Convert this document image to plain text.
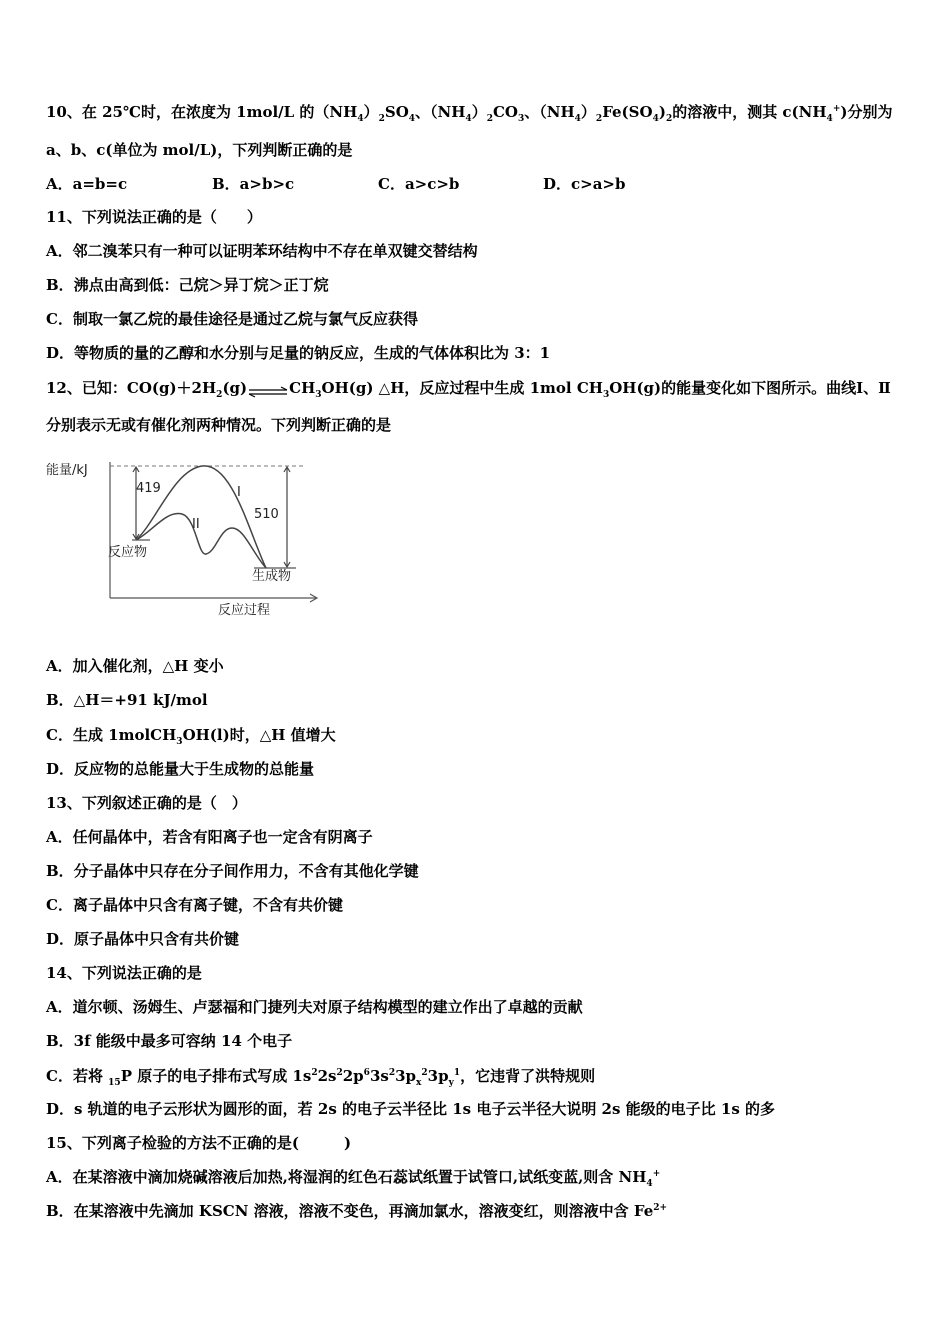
10、在 25℃时，在浓度为 1mol/L 的$(NH_4)_2SO_4$、$(NH_4)_2CO_3$、$(NH_4)_2Fe(SO_4)_2$的溶液中，测其 $c(NH_4^+)$分别为
a、b、c(单位为 mol/L)，下列判断正确的是
A．a=b=c	B．a>b>c	C．a>c>b	D．c>a>b
11、下列说法正确的是（　　）
A．邻二溴苯只有一种可以证明苯环结构中不存在单双键交替结构
B．沸点由高到低：己烷＞异丁烷＞正丁烷
C．制取一氯乙烷的最佳途径是通过乙烷与氯气反应获得
D．等物质的量的乙醇和水分别与足量的钠反应，生成的气体体积比为 3：1
12、已知：$CO(g)+2H_2(g)\rightleftharpoons CH_3OH(g)$ △H，反应过程中生成 1mol $CH_3OH(g)$的能量变化如下图所示。曲线Ⅰ、Ⅱ
分别表示无或有催化剂两种情况。下列判断正确的是
能量/kJ
419
510
I
II
反应物
生成物
反应过程
A．加入催化剂，△H 变小
B．△H＝+91 kJ/mol
C．生成 1molCH$_3$OH(l)时，△H 值增大
D．反应物的总能量大于生成物的总能量
13、下列叙述正确的是（　）
A．任何晶体中，若含有阳离子也一定含有阴离子
B．分子晶体中只存在分子间作用力，不含有其他化学键
C．离子晶体中只含有离子键，不含有共价键
D．原子晶体中只含有共价键
14、下列说法正确的是
A．道尔顿、汤姆生、卢瑟福和门捷列夫对原子结构模型的建立作出了卓越的贡献
B．3f 能级中最多可容纳 14 个电子
C．若将 $_{15}$P 原子的电子排布式写成 $1s^22s^22p^63s^23p_x^23p_y^1$，它违背了洪特规则
D．s 轨道的电子云形状为圆形的面，若 2s 的电子云半径比 1s 电子云半径大说明 2s 能级的电子比 1s 的多
15、下列离子检验的方法不正确的是(　　　)
A．在某溶液中滴加烧碱溶液后加热,将湿润的红色石蕊试纸置于试管口,试纸变蓝,则含 $NH_4^+$
B．在某溶液中先滴加 KSCN 溶液，溶液不变色，再滴加氯水，溶液变红，则溶液中含 $Fe^{2+}$
